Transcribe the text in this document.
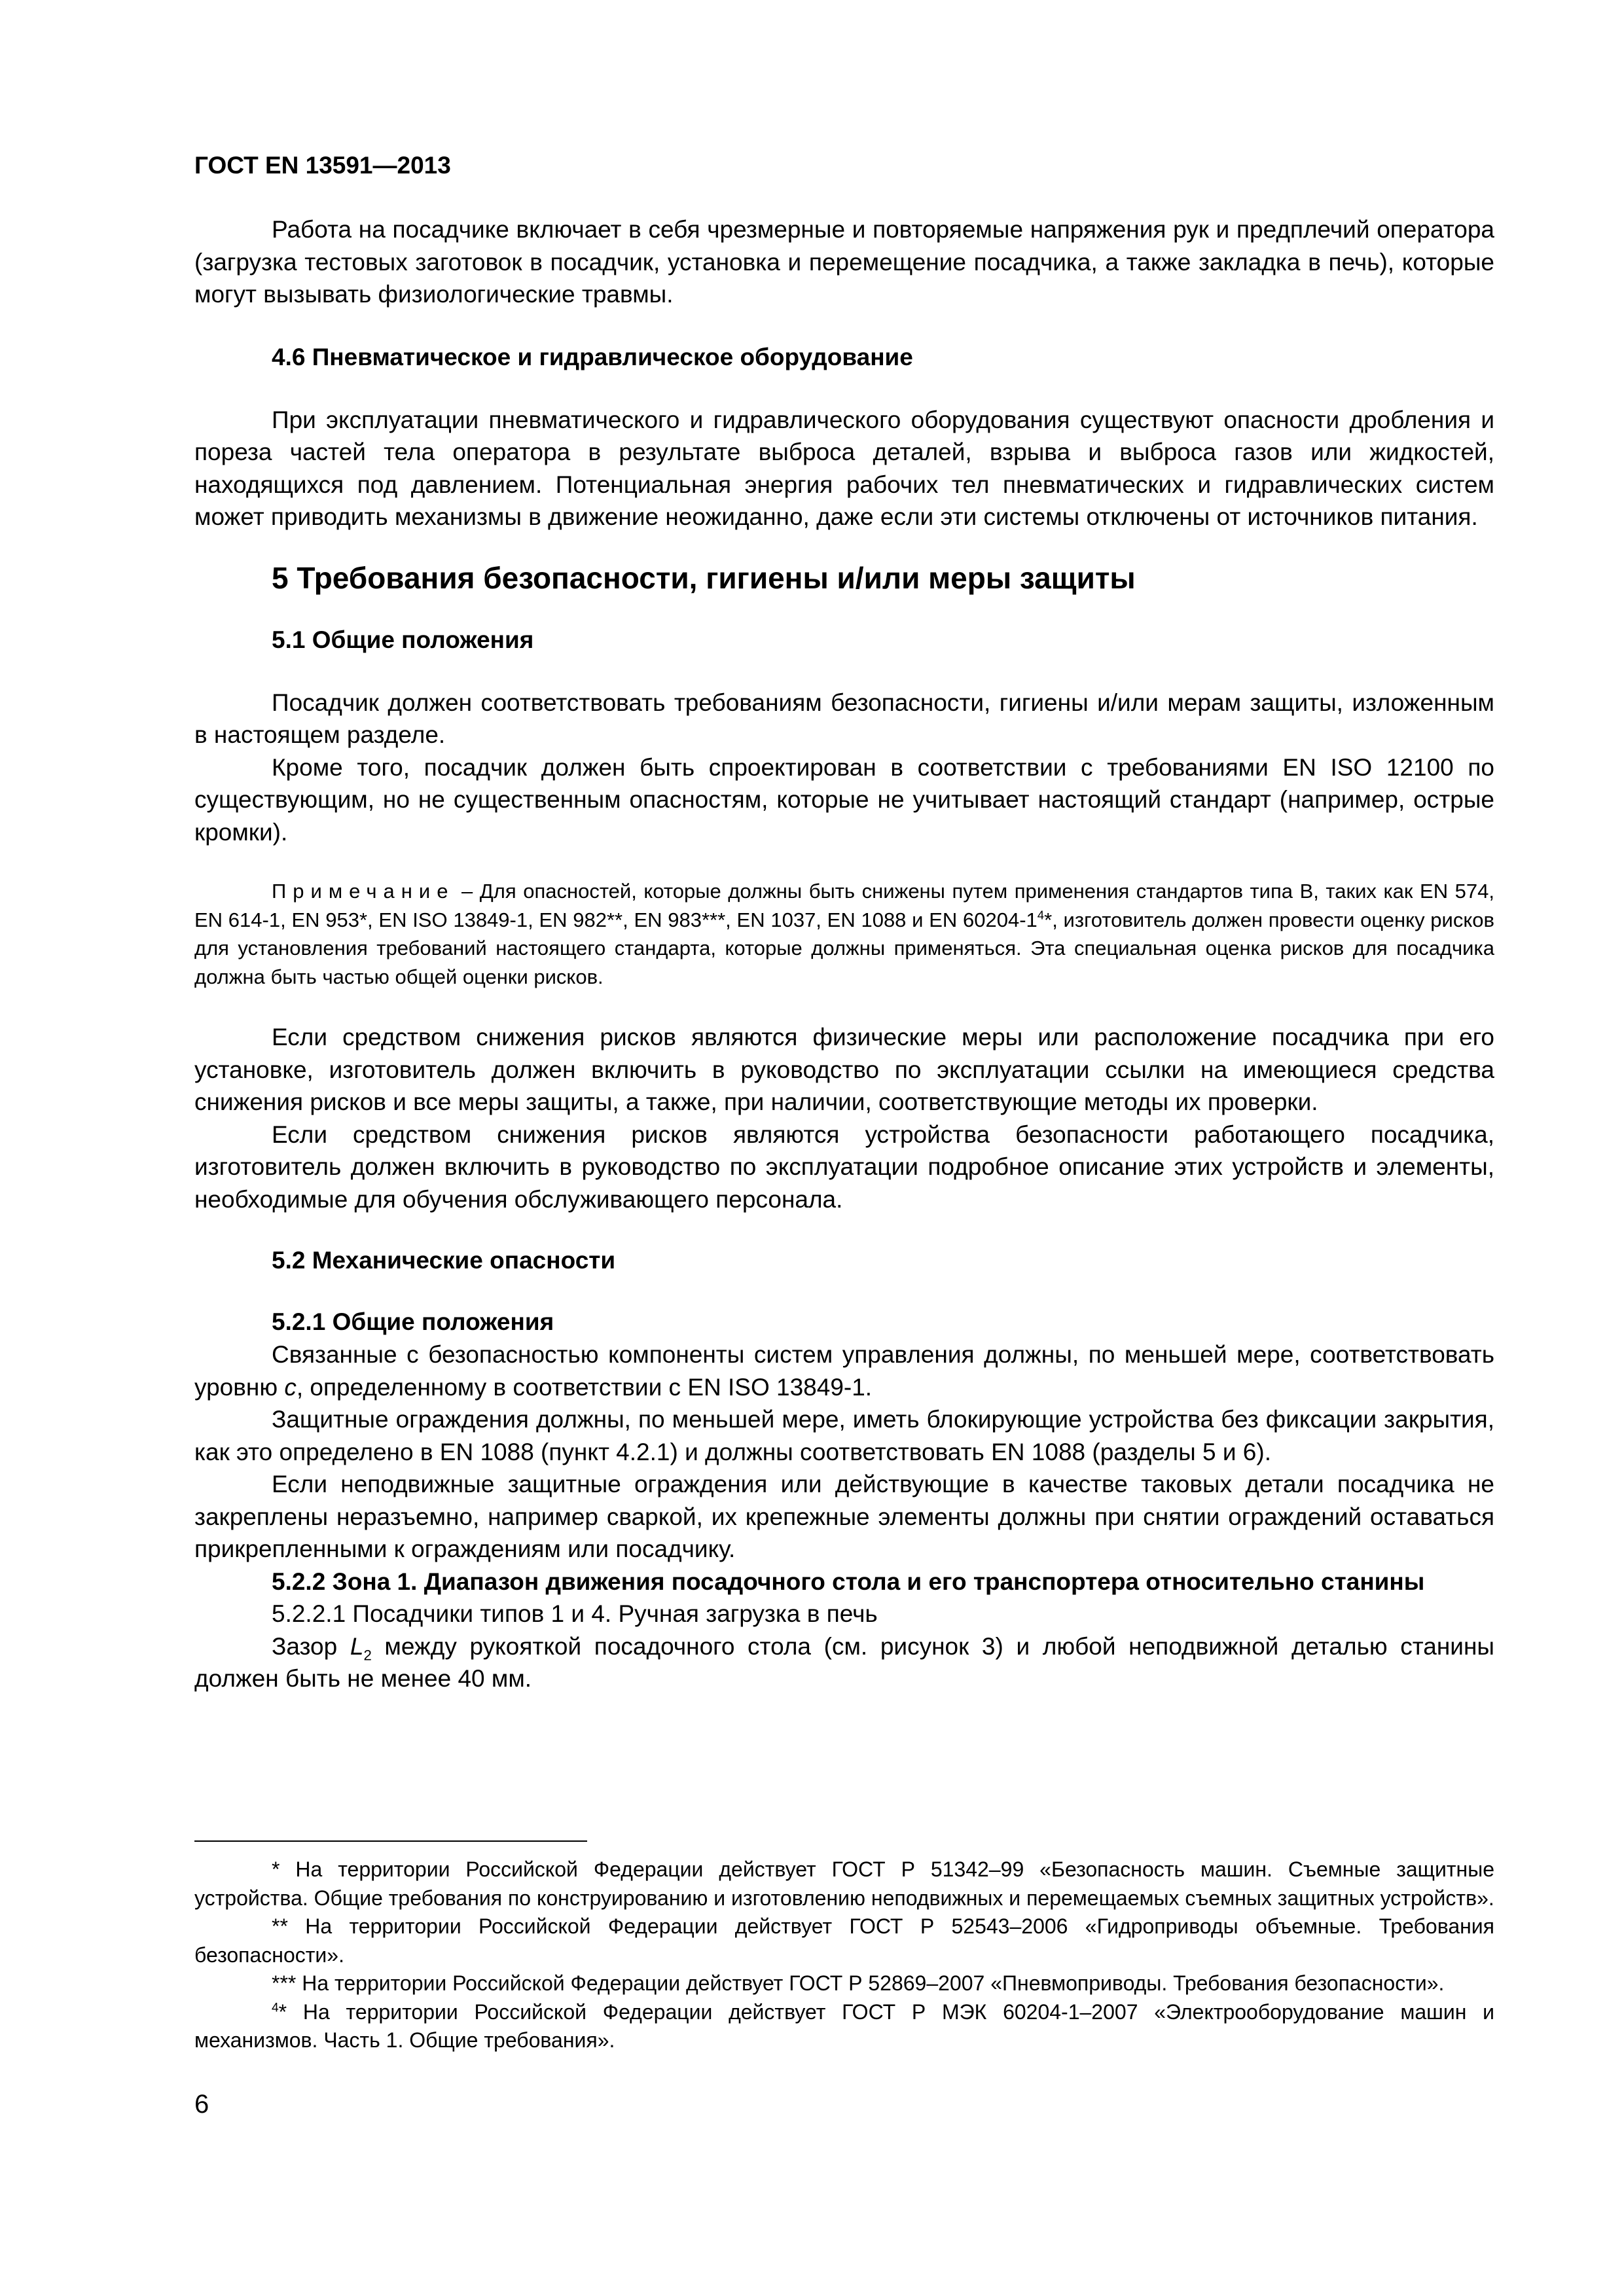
ГОСТ EN 13591—2013

Работа на посадчике включает в себя чрезмерные и повторяемые напряжения рук и предплечий оператора (загрузка тестовых заготовок в посадчик, установка и перемещение посадчика, а также закладка в печь), которые могут вызывать физиологические травмы.

4.6 Пневматическое и гидравлическое оборудование

При эксплуатации пневматического и гидравлического оборудования существуют опасности дробления и пореза частей тела оператора в результате выброса деталей, взрыва и выброса газов или жидкостей, находящихся под давлением. Потенциальная энергия рабочих тел пневматических и гидравлических систем может приводить механизмы в движение неожиданно, даже если эти системы отключены от источников питания.

5 Требования безопасности, гигиены и/или меры защиты
5.1 Общие положения

Посадчик должен соответствовать требованиям безопасности, гигиены и/или мерам защиты, изложенным в настоящем разделе.

Кроме того, посадчик должен быть спроектирован в соответствии с требованиями EN ISO 12100 по существующим, но не существенным опасностям, которые не учитывает настоящий стандарт (например, острые кромки).

Примечание – Для опасностей, которые должны быть снижены путем применения стандартов типа В, таких как EN 574, EN 614-1, EN 953*, EN ISO 13849-1, EN 982**, EN 983***, EN 1037, EN 1088 и EN $60204-1^4*$, изготовитель должен провести оценку рисков для установления требований настоящего стандарта, которые должны применяться. Эта специальная оценка рисков для посадчика должна быть частью общей оценки рисков.

Если средством снижения рисков являются физические меры или расположение посадчика при его установке, изготовитель должен включить в руководство по эксплуатации ссылки на имеющиеся средства снижения рисков и все меры защиты, а также, при наличии, соответствующие методы их проверки.

Если средством снижения рисков являются устройства безопасности работающего посадчика, изготовитель должен включить в руководство по эксплуатации подробное описание этих устройств и элементы, необходимые для обучения обслуживающего персонала.

5.2 Механические опасности
5.2.1 Общие положения

Связанные с безопасностью компоненты систем управления должны, по меньшей мере, соответствовать уровню c, определенному в соответствии с EN ISO 13849-1.

Защитные ограждения должны, по меньшей мере, иметь блокирующие устройства без фиксации закрытия, как это определено в EN 1088 (пункт 4.2.1) и должны соответствовать EN 1088 (разделы 5 и 6).

Если неподвижные защитные ограждения или действующие в качестве таковых детали посадчика не закреплены неразъемно, например сваркой, их крепежные элементы должны при снятии ограждений оставаться прикрепленными к ограждениям или посадчику.

5.2.2 Зона 1. Диапазон движения посадочного стола и его транспортера относительно станины

5.2.2.1 Посадчики типов 1 и 4. Ручная загрузка в печь

Зазор $L_2$ между рукояткой посадочного стола (см. рисунок 3) и любой неподвижной деталью станины должен быть не менее 40 мм.

* На территории Российской Федерации действует ГОСТ Р 51342–99 «Безопасность машин. Съемные защитные устройства. Общие требования по конструированию и изготовлению неподвижных и перемещаемых съемных защитных устройств».

** На территории Российской Федерации действует ГОСТ Р 52543–2006 «Гидроприводы объемные. Требования безопасности».

*** На территории Российской Федерации действует ГОСТ Р 52869–2007 «Пневмоприводы. Требования безопасности».

$^4$* На территории Российской Федерации действует ГОСТ Р МЭК 60204-1–2007 «Электрооборудование машин и механизмов. Часть 1. Общие требования».

6
